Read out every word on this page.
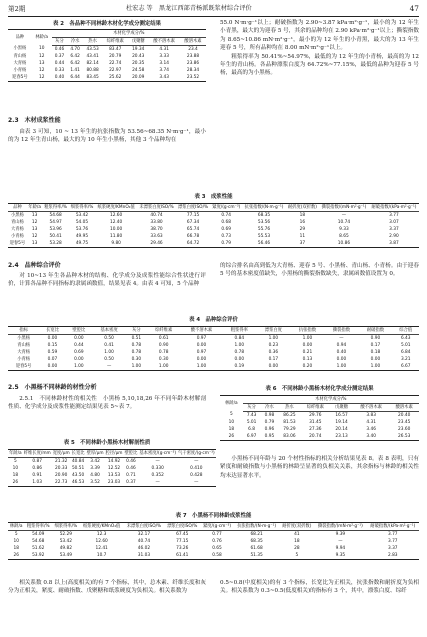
第2期	杜宏志 等　黑龙江西部青杨派既浆材综合评价	47
表 2　各品种不同林龄木材化学成分测定结果
品种	林龄/a	木材化学成分/%						
		灰分	冷水	热水	综纤维素	戊聚糖	酸不溶木素	酸溶木素
小黑杨	10	0.46	4.70	43.53	83.47	19.34	4.31	23.4
青山杨	12	0.37	6.42	43.41	20.79	20.43	3.33	23.88
大青杨	13	0.44	6.42	82.14	22.74	20.35	3.14	23.86
小青杨	12	0.33	1.41	80.88	22.97	24.58	3.74	28.34
迎春5号	12	0.40	6.44	83.45	25.62	20.09	3.43	23.52
2.3　木材成浆性能

由表 3 可知，10 ~ 13 年生的抗张指数为 53.56~68.35 N·m·g⁻¹，最小的为 12 年生青山杨，最大的为 10 年生小黑杨，其他 3 个品种均在

55.0 N·m·g⁻¹以上；耐破指数为 2.90~3.87 kPa·m²·g⁻¹，最小的为 12 年生小青黑，最大的为迎春 5 号，其余的品种均在 2.90 kPa·m²·g⁻¹以上；撕裂指数为 8.65~10.86 mN·m²·g⁻¹，最小的为 12 年生的小青黑，最大的为 13 年生迎春 5 号，所有品种均在 8.00 mN·m²·g⁻¹以上。

粗浆得率为 50.41%~54.97%，最低的为 12 年生的小青杨，最高的为 12 年生的青山杨。各品种漂浆白度为 64.72%~77.15%，最低的品种为迎春 5 号杨，最高的为小黑杨。

表 3　成浆性能
品种	年龄/a	粗浆得率/%	细浆得率/%	纸浆硬度/KMnO₄值	未漂浆白度ISO/%	漂浆白度ISO/%	紧度/(g·cm⁻³)	抗张指数/(N·m·g⁻¹)	耐折度(双折数)	撕裂指数/(mN·m²·g⁻¹)	耐破指数/(kPa·m²·g⁻¹)
小黑杨	13	54.68	53.42	12.60	40.74	77.15	0.74	68.35	18	—	3.77
青山杨	12	54.97	54.05	12.40	33.80	67.34	0.68	53.56	16	10.74	3.07
大青杨	13	53.96	53.76	10.00	38.70	65.74	0.69	55.76	29	9.33	3.37
小青杨	12	50.41	49.95	11.80	33.63	66.78	0.73	55.53	11	8.65	2.90
迎春5号	13	53.28	49.75	9.80	29.46	64.72	0.79	56.46	37	10.86	3.87
2.4　品种综合评价

对 10~13 年生各品种木材的结构、化学成分及成浆性能综合性状进行评价，计算各品种不同指标的隶属函数值，结果见表 4。由表 4 可知，5 个品种

的综合排名由高到低为大青杨、迎春 5 号、小黑杨、青山杨、小青杨。由于迎春 5 号的基本密度值缺失，小黑杨的撕裂指数缺失，隶属函数值设置为 0。

表 4　品种综合评价
指标	长宽比	壁腔比	基本密度	灰分	综纤维素	酸不溶木素	粗浆得率	漂浆白度	抗张指数	撕裂指数	耐破指数	综合值
小黑杨	0.00	0.00	0.50	0.51	0.61	0.97	0.84	1.00	1.00	—	0.90	6.43
青山杨	0.15	0.44	0.41	0.78	0.90	0.00	1.00	0.23	0.00	0.94	0.17	5.01
大青杨	0.59	0.69	1.00	0.78	0.78	0.97	0.78	0.36	0.21	0.40	0.18	6.84
小青杨	0.07	0.00	0.50	0.30	0.30	0.00	0.00	0.17	0.13	0.00	0.00	3.21
迎春5号	0.00	1.00	—	1.00	1.00	1.00	0.19	0.00	0.20	1.00	1.00	6.67
2.5　小黑杨不同林龄的材性分析

2.5.1　不同林龄材性的相关性　 小黑杨 5,10,18,26 年不同年龄木材解剖性质、化学成分及成浆性能测定结果见表 5~表 7。

表 5　不同林龄小黑杨木材解剖性质
年龄/a	纤维长度/mm	宽度/μm	长宽比	壁厚/μm	腔径/μm	壁腔比	基本密度/(g·cm⁻³)	气干密度/(g·cm⁻³)
5	0.87	21.32	40.84	3.42	14.92	0.46	—	—
10	0.86	20.33	50.51	3.39	12.52	0.46	0.330	0.410
18	0.91	20.90	43.50	4.80	13.53	0.71	0.352	0.428
26	1.03	22.73	46.53	3.52	23.03	0.37	—	—
表 6　不同林龄小黑杨木材化学成分测定结果
林龄/a	木材化学成分/%						
	灰分	冷水	热水	综纤维素	戊聚糖	酸不溶木素	酸溶木素
5	7.43	0.98	86.25	29.76	16.57	3.83	20.40
10	5.01	0.79	81.53	31.45	19.14	4.31	23.45
18	6.8	0.96	79.29	27.36	20.14	3.46	23.60
26	6.97	0.95	83.06	20.74	23.13	3.40	26.53

小黑杨不同年龄与 20 个材性指标的相关分析结果见表 8。表 8 表明，只有紧度和耐破指数与小黑杨的林龄呈显著的负相关关系，其余指标与林龄的相关性均未达显著水平。

表 7　小黑杨不同林龄成浆性能
林龄/a	粗浆得率/%	细浆得率/%	纸浆硬度/KMnO₄值	未漂浆白度ISO/%	漂浆白度ISO/%	紧度/(g·cm⁻³)	抗张指数/(N·m·g⁻¹)	耐折度(双折数)	撕裂指数/(mN·m²·g⁻¹)	耐破指数/(kPa·m²·g⁻¹)
5	54.09	52.29	12.3	32.17	67.45	0.77	68.21	41	9.39	3.77
10	54.68	53.42	12.60	40.74	77.15	0.76	68.35	18	—	3.77
18	51.62	49.82	12.41	46.02	73.26	0.65	61.68	28	9.94	3.37
26	53.92	53.49	10.7	31.03	61.41	0.58	51.35	5	9.35	2.83

相关系数 0.8 以上(高度相关)的有 7 个指标，其中，总木素、纤维长度和灰分为正相关，紧度、耐破指数、戊聚糖和纸浆硬度为负相关。相关系数为

0.5~0.8(中度相关)的有 3 个指标，长宽比为正相关，抗张指数和耐折度为负相关。相关系数为 0.3~0.5(低度相关)的指标有 3 个，其中，漂浆白度、综纤
